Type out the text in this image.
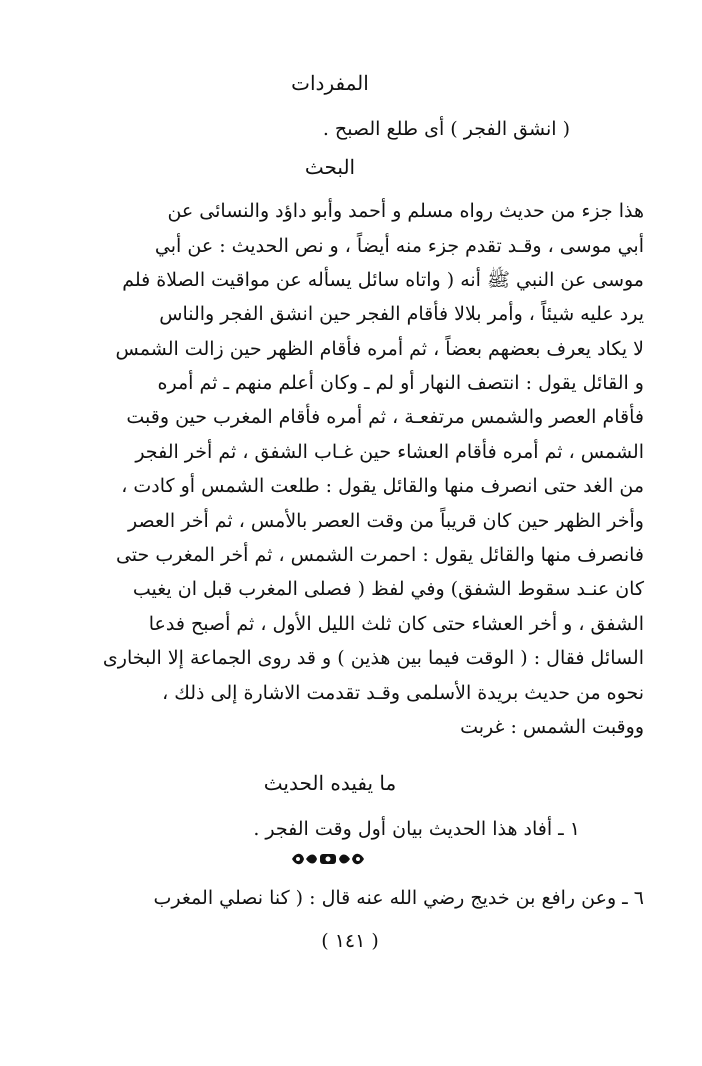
المفردات
( انشق الفجر ) أى طلع الصبح .
البحث
هذا جزء من حديث رواه مسلم و أحمد وأبو داؤد والنسائى عن
أبي موسى ، وقـد تقدم جزء منه أيضاً ، و نص الحديث : عن أبي
موسى عن النبي ﷺ أنه ( واتاه سائل يسأله عن مواقيت الصلاة فلم
يرد عليه شيئاً ، وأمر بلالا فأقام الفجر حين انشق الفجر والناس
لا يكاد يعرف بعضهم بعضاً ، ثم أمره فأقام الظهر حين زالت الشمس
و القائل يقول : انتصف النهار أو لم ـ وكان أعلم منهم ـ ثم أمره
فأقام العصر والشمس مرتفعـة ، ثم أمره فأقام المغرب حين وقبت
الشمس ، ثم أمره فأقام العشاء حين غـاب الشفق ، ثم أخر الفجر
من الغد حتى انصرف منها والقائل يقول : طلعت الشمس أو كادت ،
وأخر الظهر حين كان قريباً من وقت العصر بالأمس ، ثم أخر العصر
فانصرف منها والقائل يقول : احمرت الشمس ، ثم أخر المغرب حتى
كان عنـد سقوط الشفق) وفي لفظ ( فصلى المغرب قبل ان يغيب
الشفق ، و أخر العشاء حتى كان ثلث الليل الأول ، ثم أصبح فدعا
السائل فقال : ( الوقت فيما بين هذين ) و قد روى الجماعة إلا البخارى
نحوه من حديث بريدة الأسلمى وقـد تقدمت الاشارة إلى ذلك ،
ووقبت الشمس : غربت
ما يفيده الحديث
١ ـ أفاد هذا الحديث بيان أول وقت الفجر .
٦ ـ وعن رافع بن خديج رضي الله عنه قال : ( كنا نصلي المغرب
( ١٤١ )
